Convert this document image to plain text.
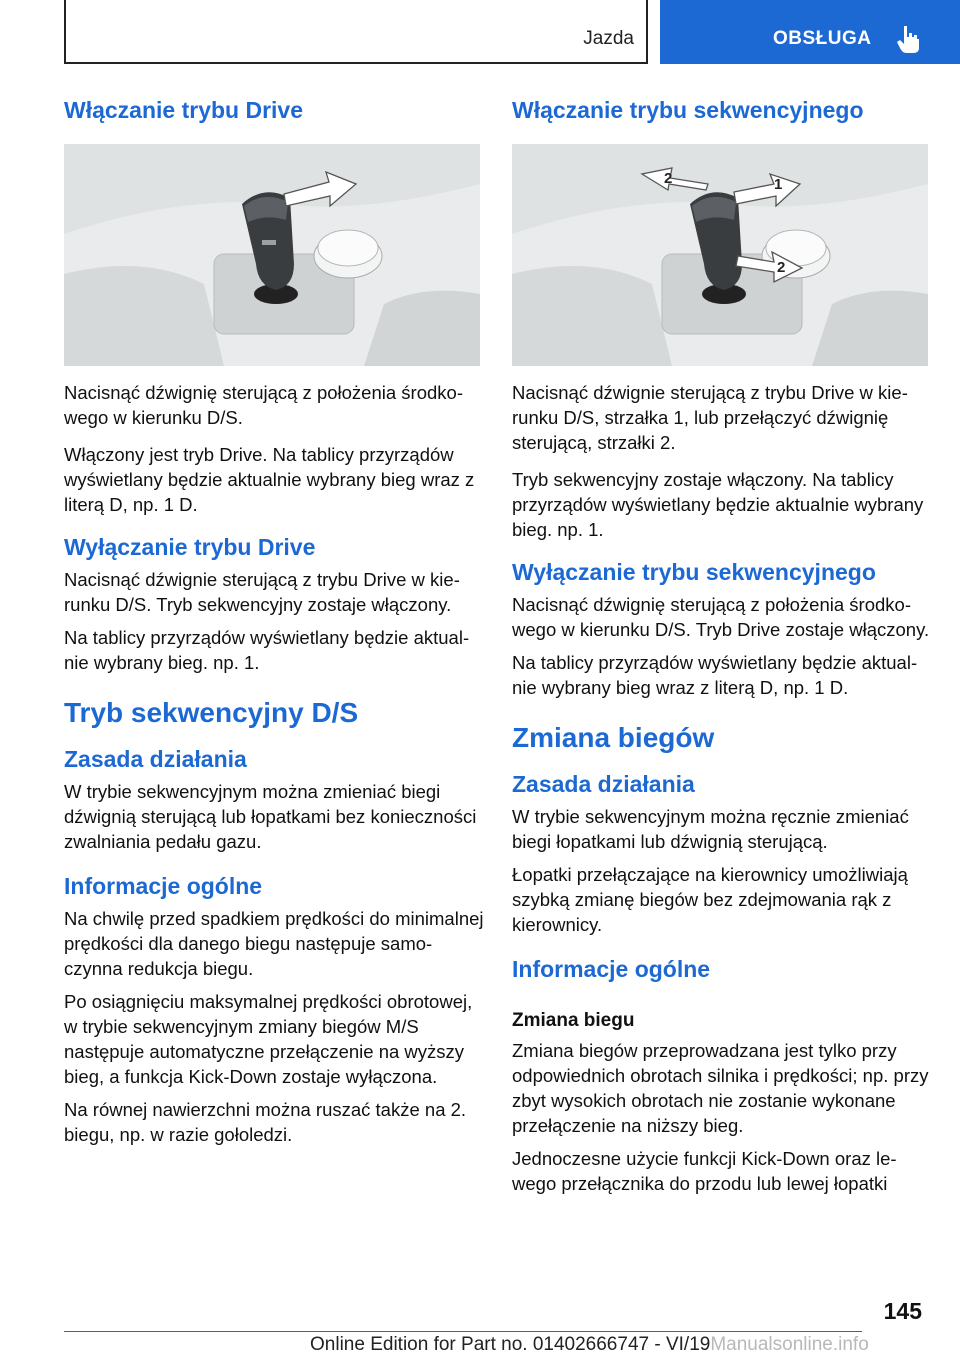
Jazda	OBSŁUGA
Włączanie trybu Drive

Nacisnąć dźwignię sterującą z położenia środkowego w kierunku D/S.

Włączony jest tryb Drive. Na tablicy przyrządów wyświetlany będzie aktualnie wybrany bieg wraz z literą D, np. 1 D.

Wyłączanie trybu Drive

Nacisnąć dźwignie sterującą z trybu Drive w kierunku D/S. Tryb sekwencyjny zostaje włączony.

Na tablicy przyrządów wyświetlany będzie aktualnie wybrany bieg. np. 1.

Tryb sekwencyjny D/S
Zasada działania

W trybie sekwencyjnym można zmieniać biegi dźwignią sterującą lub łopatkami bez konieczności zwalniania pedału gazu.

Informacje ogólne

Na chwilę przed spadkiem prędkości do minimalnej prędkości dla danego biegu następuje samoczynna redukcja biegu.

Po osiągnięciu maksymalnej prędkości obrotowej, w trybie sekwencyjnym zmiany biegów M/S następuje automatyczne przełączenie na wyższy bieg, a funkcja Kick-Down zostaje wyłączona.

Na równej nawierzchni można ruszać także na 2. biegu, np. w razie gołoledzi.

Włączanie trybu sekwencyjnego
1
2
2

Nacisnąć dźwignie sterującą z trybu Drive w kierunku D/S, strzałka 1, lub przełączyć dźwignię sterującą, strzałki 2.

Tryb sekwencyjny zostaje włączony. Na tablicy przyrządów wyświetlany będzie aktualnie wybrany bieg. np. 1.

Wyłączanie trybu sekwencyjnego

Nacisnąć dźwignię sterującą z położenia środkowego w kierunku D/S. Tryb Drive zostaje włączony.

Na tablicy przyrządów wyświetlany będzie aktualnie wybrany bieg wraz z literą D, np. 1 D.

Zmiana biegów
Zasada działania

W trybie sekwencyjnym można ręcznie zmieniać biegi łopatkami lub dźwignią sterującą.

Łopatki przełączające na kierownicy umożliwiają szybką zmianę biegów bez zdejmowania rąk z kierownicy.

Informacje ogólne
Zmiana biegu

Zmiana biegów przeprowadzana jest tylko przy odpowiednich obrotach silnika i prędkości; np. przy zbyt wysokich obrotach nie zostanie wykonane przełączenie na niższy bieg.

Jednoczesne użycie funkcji Kick-Down oraz lewego przełącznika do przodu lub lewej łopatki

145
Online Edition for Part no. 01402666747 - VI/19Manualsonline.info
